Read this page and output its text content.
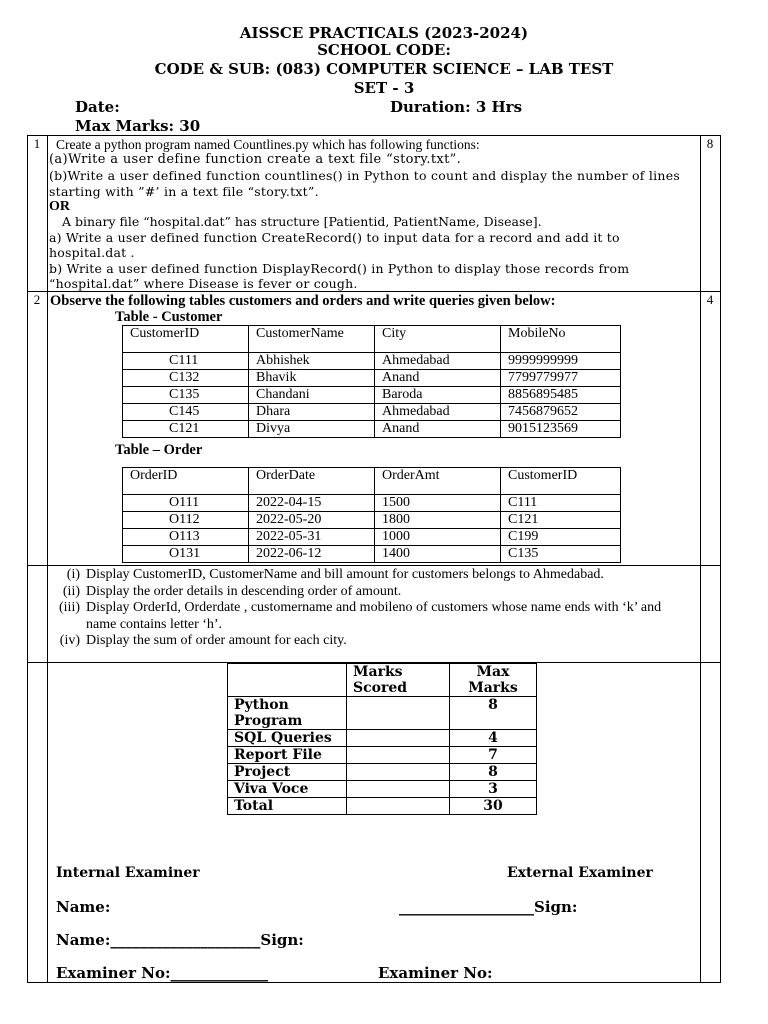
AISSCE PRACTICALS (2023-2024)
SCHOOL CODE:
CODE & SUB: (083) COMPUTER SCIENCE – LAB TEST
SET - 3
Date:	Duration: 3 Hrs
Max Marks: 30
1	8

Create a python program named Countlines.py which has following functions:

(a)Write a user define function create a text file “story.txt”.

(b)Write a user defined function countlines() in Python to count and display the number of lines starting with ”#’ in a text file “story.txt”.

OR

A binary file “hospital.dat” has structure [Patientid, PatientName, Disease].

a) Write a user defined function CreateRecord() to input data for a record and add it to hospital.dat .

b) Write a user defined function DisplayRecord() in Python to display those records from “hospital.dat” where Disease is fever or cough.

2	4
Observe the following tables customers and orders and write queries given below:
Table - Customer
CustomerID	CustomerName	City	MobileNo
C111	Abhishek	Ahmedabad	9999999999
C132	Bhavik	Anand	7799779977
C135	Chandani	Baroda	8856895485
C145	Dhara	Ahmedabad	7456879652
C121	Divya	Anand	9015123569
Table – Order
OrderID	OrderDate	OrderAmt	CustomerID
O111	2022-04-15	1500	C111
O112	2022-05-20	1800	C121
O113	2022-05-31	1000	C199
O131	2022-06-12	1400	C135
(i) Display CustomerID, CustomerName and bill amount for customers belongs to Ahmedabad.
(ii) Display the order details in descending order of amount.
(iii) Display OrderId, Orderdate , customername and mobileno of customers whose name ends with ‘k’ and name contains letter ‘h’.
(iv) Display the sum of order amount for each city.
	Marks Scored	Max Marks
Python Program		8
SQL Queries		4
Report File		7
Project		8
Viva Voce		3
Total		30
Internal Examiner	External Examiner
Name:	__________________Sign:
Name:____________________Sign:
Examiner No:_____________	Examiner No:
